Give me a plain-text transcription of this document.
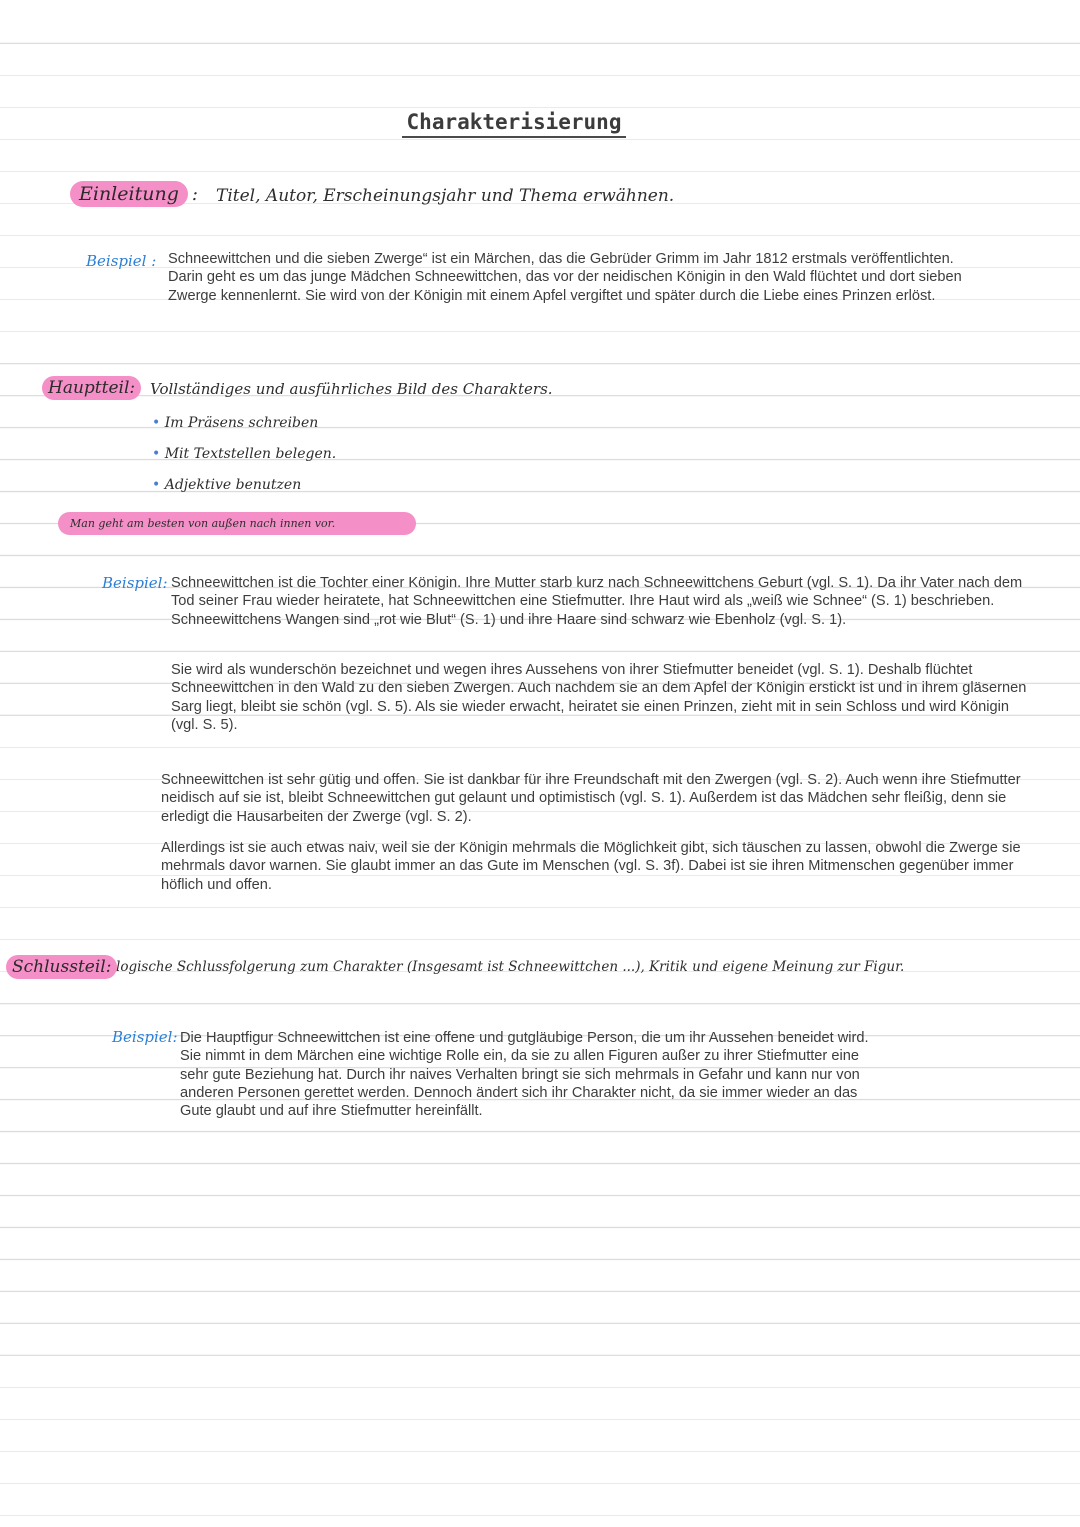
Charakterisierung
Einleitung : Titel, Autor, Erscheinungsjahr und Thema erwähnen.
Beispiel : Schneewittchen und die sieben Zwerge“ ist ein Märchen, das die Gebrüder Grimm im Jahr 1812 erstmals veröffentlichten. Darin geht es um das junge Mädchen Schneewittchen, das vor der neidischen Königin in den Wald flüchtet und dort sieben Zwerge kennenlernt. Sie wird von der Königin mit einem Apfel vergiftet und später durch die Liebe eines Prinzen erlöst.

Hauptteil: Vollständiges und ausführliches Bild des Charakters.
• Im Präsens schreiben
• Mit Textstellen belegen.
• Adjektive benutzen
Man geht am besten von außen nach innen vor.
Beispiel: Schneewittchen ist die Tochter einer Königin. Ihre Mutter starb kurz nach Schneewittchens Geburt (vgl. S. 1). Da ihr Vater nach dem Tod seiner Frau wieder heiratete, hat Schneewittchen eine Stiefmutter. Ihre Haut wird als „weiß wie Schnee“ (S. 1) beschrieben. Schneewittchens Wangen sind „rot wie Blut“ (S. 1) und ihre Haare sind schwarz wie Ebenholz (vgl. S. 1).

Sie wird als wunderschön bezeichnet und wegen ihres Aussehens von ihrer Stiefmutter beneidet (vgl. S. 1). Deshalb flüchtet Schneewittchen in den Wald zu den sieben Zwergen. Auch nachdem sie an dem Apfel der Königin erstickt ist und in ihrem gläsernen Sarg liegt, bleibt sie schön (vgl. S. 5). Als sie wieder erwacht, heiratet sie einen Prinzen, zieht mit in sein Schloss und wird Königin (vgl. S. 5).

Schneewittchen ist sehr gütig und offen. Sie ist dankbar für ihre Freundschaft mit den Zwergen (vgl. S. 2). Auch wenn ihre Stiefmutter neidisch auf sie ist, bleibt Schneewittchen gut gelaunt und optimistisch (vgl. S. 1). Außerdem ist das Mädchen sehr fleißig, denn sie erledigt die Hausarbeiten der Zwerge (vgl. S. 2).

Allerdings ist sie auch etwas naiv, weil sie der Königin mehrmals die Möglichkeit gibt, sich täuschen zu lassen, obwohl die Zwerge sie mehrmals davor warnen. Sie glaubt immer an das Gute im Menschen (vgl. S. 3f). Dabei ist sie ihren Mitmenschen gegenüber immer höflich und offen.

Schlussteil: logische Schlussfolgerung zum Charakter (Insgesamt ist Schneewittchen ...), Kritik und eigene Meinung zur Figur.
Beispiel: Die Hauptfigur Schneewittchen ist eine offene und gutgläubige Person, die um ihr Aussehen beneidet wird. Sie nimmt in dem Märchen eine wichtige Rolle ein, da sie zu allen Figuren außer zu ihrer Stiefmutter eine sehr gute Beziehung hat. Durch ihr naives Verhalten bringt sie sich mehrmals in Gefahr und kann nur von anderen Personen gerettet werden. Dennoch ändert sich ihr Charakter nicht, da sie immer wieder an das Gute glaubt und auf ihre Stiefmutter hereinfällt.
